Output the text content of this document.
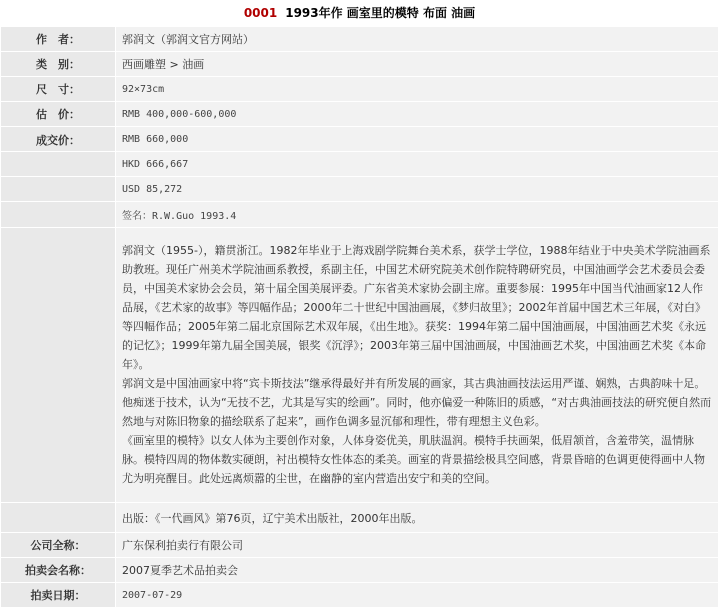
0001 1993年作 画室里的模特 布面 油画
作　者：	郭润文（郭润文官方网站）
类　别：	西画雕塑 > 油画
尺　寸：	92×73cm
估　价：	RMB 400,000-600,000
成交价：	RMB 660,000
	HKD 666,667
	USD 85,272
	签名：R.W.Guo 1993.4

	郭润文（1955-），籍贯浙江。1982年毕业于上海戏剧学院舞台美术系，获学士学位，1988年结业于中央美术学院油画系助教班。现任广州美术学院油画系教授，系副主任，中国艺术研究院美术创作院特聘研究员，中国油画学会艺术委员会委员，中国美术家协会会员，第十届全国美展评委。广东省美术家协会副主席。重要参展：1995年中国当代油画家12人作品展，《艺术家的故事》等四幅作品；2000年二十世纪中国油画展，《梦归故里》；2002年首届中国艺术三年展，《对白》等四幅作品；2005年第二届北京国际艺术双年展，《出生地》。获奖：1994年第二届中国油画展，中国油画艺术奖《永远的记忆》；1999年第九届全国美展，银奖《沉浮》；2003年第三届中国油画展，中国油画艺术奖，中国油画艺术奖《本命年》。

郭润文是中国油画家中将“宾卡斯技法”继承得最好并有所发展的画家，其古典油画技法运用严谨、娴熟，古典韵味十足。他痴迷于技术，认为“无技不艺，尤其是写实的绘画”。同时，他亦偏爱一种陈旧的质感，“对古典油画技法的研究便自然而然地与对陈旧物象的描绘联系了起来”，画作色调多显沉郁和理性，带有理想主义色彩。

《画室里的模特》以女人体为主要创作对象，人体身姿优美，肌肤温润。模特手扶画架，低眉颔首，含羞带笑，温情脉脉。模特四周的物体数实硬朗，衬出模特女性体态的柔美。画室的背景描绘极具空间感，背景昏暗的色调更使得画中人物尤为明亮醒目。此处远离烦嚣的尘世，在幽静的室内营造出安宁和美的空间。

	出版：《一代画风》第76页，辽宁美术出版社，2000年出版。
公司全称：	广东保利拍卖行有限公司
拍卖会名称：	2007夏季艺术品拍卖会
拍卖日期：	2007-07-29
